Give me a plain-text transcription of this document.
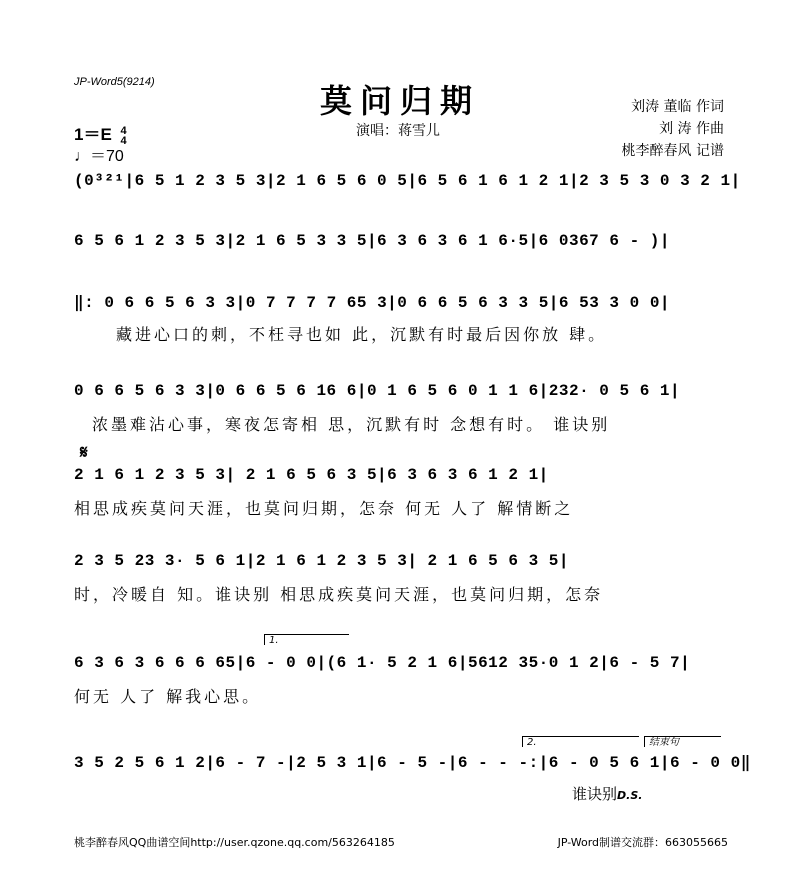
JP-Word5(9214)	莫问归期
演唱：蒋雪儿
刘涛 董临 作词
刘 涛 作曲
桃李醉春风 记谱
1＝E 4
4
♩＝70
(0³²¹|6 5 1 2 3 5 3|2 1 6 5 6 0 5|6 5 6 1 6 1 2 1|2 3 5 3 0 3 2 1|
6 5 6 1 2 3 5 3|2 1 6 5 3 3 5|6 3 6 3 6 1 6·5|6 0367 6 - )|
‖: 0 6 6 5 6 3 3|0 7 7 7 7 65 3|0 6 6 5 6 3 3 5|6 53 3 0 0|
藏进心口的刺，不枉寻也如 此，沉默有时最后因你放 肆。
0 6 6 5 6 3 3|0 6 6 5 6 16 6|0 1 6 5 6 0 1 1 6|232· 0 5 6 1|
浓墨难沾心事，寒夜怎寄相 思，沉默有时 念想有时。 谁诀别
𝄋
2 1 6 1 2 3 5 3| 2 1 6 5 6 3 5|6 3 6 3 6 1 2 1|
相思成疾莫问天涯，也莫问归期，怎奈 何无 人了 解情断之
2 3 5 23 3· 5 6 1|2 1 6 1 2 3 5 3| 2 1 6 5 6 3 5|
时，冷暖自 知。谁诀别 相思成疾莫问天涯，也莫问归期，怎奈
1.
6 3 6 3 6 6 6 65|6 - 0 0|(6 1· 5 2 1 6|5612 35·0 1 2|6 - 5 7|
何无 人了 解我心思。
2.	结束句
3 5 2 5 6 1 2|6 - 7 -|2 5 3 1|6 - 5 -|6 - - -:|6 - 0 5 6 1|6 - 0 0‖
谁诀别D.S.
桃李醉春风QQ曲谱空间http://user.qzone.qq.com/563264185	JP-Word制谱交流群：663055665
